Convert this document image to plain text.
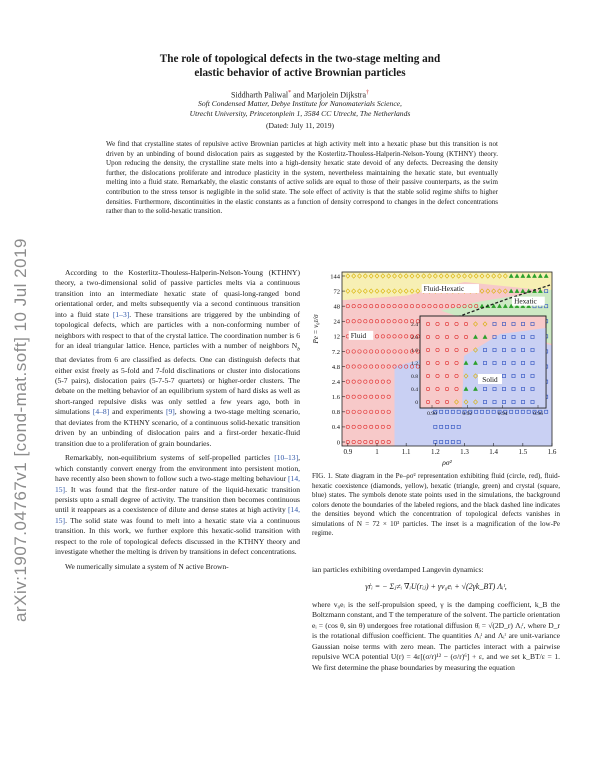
arXiv:1907.04767v1 [cond-mat.soft] 10 Jul 2019
The role of topological defects in the two-stage melting and
elastic behavior of active Brownian particles
Siddharth Paliwal* and Marjolein Dijkstra†
Soft Condensed Matter, Debye Institute for Nanomaterials Science,
Utrecht University, Princetonplein 1, 3584 CC Utrecht, The Netherlands
(Dated: July 11, 2019)
We find that crystalline states of repulsive active Brownian particles at high activity melt into a hexatic phase but this transition is not driven by an unbinding of bound dislocation pairs as suggested by the Kosterlitz-Thouless-Halperin-Nelson-Young (KTHNY) theory. Upon reducing the density, the crystalline state melts into a high-density hexatic state devoid of any defects. Decreasing the density further, the dislocations proliferate and introduce plasticity in the system, nevertheless maintaining the hexatic state, but eventually melting into a fluid state. Remarkably, the elastic constants of active solids are equal to those of their passive counterparts, as the swim contribution to the stress tensor is negligible in the solid state. The sole effect of activity is that the stable solid regime shifts to higher densities. Furthermore, discontinuities in the elastic constants as a function of density correspond to changes in the defect concentrations rather than to the solid-hexatic transition.

According to the Kosterlitz-Thouless-Halperin-Nelson-Young (KTHNY) theory, a two-dimensional solid of passive particles melts via a continuous transition into an intermediate hexatic state of quasi-long-ranged bond orientational order, and melts subsequently via a second continuous transition into a fluid state [1–3]. These transitions are triggered by the unbinding of topological defects, which are particles with a non-conforming number of neighbors with respect to that of the crystal lattice. The coordination number is 6 for an ideal triangular lattice. Hence, particles with a number of neighbors $N_b$ that deviates from 6 are classified as defects. One can distinguish defects that either exist freely as 5-fold and 7-fold disclinations or cluster into dislocations (5-7 pairs), dislocation pairs (5-7-5-7 quartets) or higher-order clusters. The debate on the melting behavior of an equilibrium system of hard disks as well as short-ranged repulsive disks was only settled a few years ago, both in simulations [4–8] and experiments [9], showing a two-stage melting scenario, that deviates from the KTHNY scenario, of a continuous solid-hexatic transition driven by an unbinding of dislocation pairs and a first-order hexatic-fluid transition due to a proliferation of grain boundaries.

Remarkably, non-equilibrium systems of self-propelled particles [10–13], which constantly convert energy from the environment into persistent motion, have recently also been shown to follow such a two-stage melting behaviour [14, 15]. It was found that the first-order nature of the liquid-hexatic transition persists upto a small degree of activity. The transition then becomes continuous until it reappears as a coexistence of dilute and dense states at high activity [14, 15]. The solid state was found to melt into a hexatic state via a continuous transition. In this work, we further explore this hexatic-solid transition with respect to the role of topological defects discussed in the KTHNY theory and investigate whether the melting is driven by transitions in defect concentrations.

We numerically simulate a system of N active Brown-

0.9	1	1.1	1.2	1.3	1.4	1.5	1.6
0
0.4
0.8
1.6
2.4
4.8
7.2
12
24
48
72
144
ρσ²
Pe = v₀τ/σ
Fluid-Hexatic
Hexatic
Fluid
0.90	0.92	0.94	0.96
0
0.4
0.8
1.2
1.6
2.0
2.4
Solid
FIG. 1. State diagram in the Pe–ρσ² representation exhibiting fluid (circle, red), fluid-hexatic coexistence (diamonds, yellow), hexatic (triangle, green) and crystal (square, blue) states. The symbols denote state points used in the simulations, the background colors denote the boundaries of the labeled regions, and the black dashed line indicates the densities beyond which the concentration of topological defects vanishes in simulations of N = 72 × 10³ particles. The inset is a magnification of the low-Pe regime.
ian particles exhibiting overdamped Langevin dynamics:
γṙᵢ = − Σⱼ≠ᵢ ∇ᵢU(rᵢⱼ) + γv₀eᵢ + √(2γk_BT) Λᵢᵗ,
where v₀eᵢ is the self-propulsion speed, γ is the damping coefficient, k_B the Boltzmann constant, and T the temperature of the solvent. The particle orientation eᵢ = (cos θ, sin θ) undergoes free rotational diffusion θ̇ᵢ = √(2D_r) Λᵢʳ, where D_r is the rotational diffusion coefficient. The quantities Λᵢᵗ and Λᵢʳ are unit-variance Gaussian noise terms with zero mean. The particles interact with a pairwise repulsive WCA potential U(r) = 4ε[(σ/r)¹² − (σ/r)⁶] + ε, and we set k_BT/ε = 1. We first determine the phase boundaries by measuring the equation
